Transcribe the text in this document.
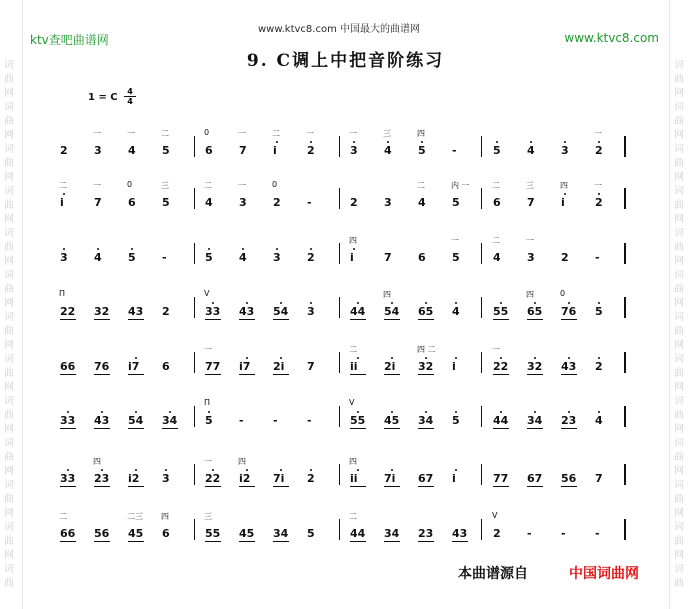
www.ktvc8.com 中国最大的曲谱网
ktv查吧曲谱网	www.ktvc8.com
9. C调上中把音阶练习
1 = C
4
4
词
曲
网
词
曲
网
词
曲
网
词
曲
网
词
曲
网
词
曲
网
词
曲
网
词
曲
网
词
曲
网
词
曲
网
词
曲
网
词
曲
网
词
曲
词
曲
网
词
曲
网
词
曲
网
词
曲
网
词
曲
网
词
曲
网
词
曲
网
词
曲
网
词
曲
网
词
曲
网
词
曲
网
词
曲
网
词
曲
2 3
一
4
一
5
二
6
0
7
一
i
二
2
一
3
一
4
三
5
四
-	5 4 3 2
一
i
二
7
一
6
0
5
三
4
二
3
一
2
0
-	2 3 4
二
5
内 一
6
二
7
三
i
四
2
一
3 4 5 -	5 4 3 2	i
四
7 6 5
一
4
二
3
一
2 -
22
Π
32 43 2	33
V
43 54 3	44 54
四
65 4	55 65
四
76
0
5
66 76 i7 6	77
一
i7 2i 7	ii
二
2i 32
四 二
i	22
一
32 43 2
33 43 54 34	5
Π
-	-	-	55
V
45 34 5	44 34 23 4
33 23
四
i2 3	22
一
i2
四
7i 2	ii
四
7i 67 i	77 67 56 7
66
二
56 45
二三
6
四
55
三
45 34 5	44
二
34 23 43 2
V
-	-	-
本曲谱源自	中国词曲网
